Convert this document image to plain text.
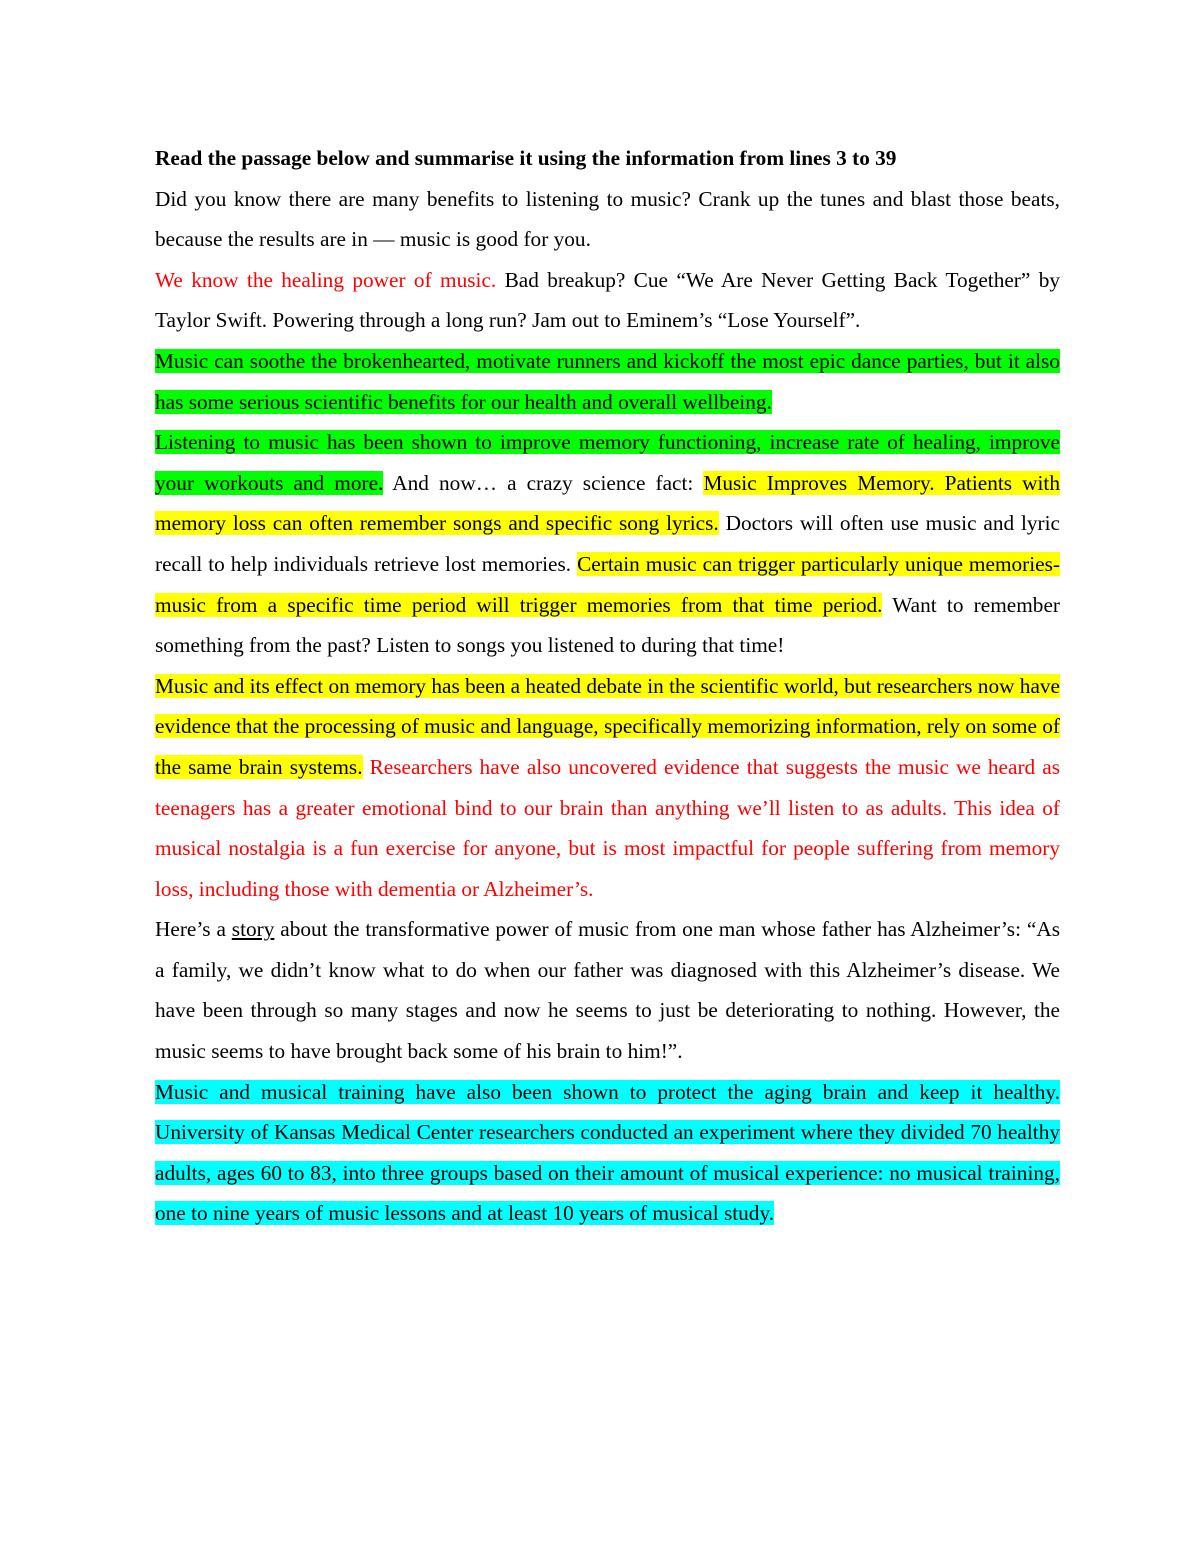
Read the passage below and summarise it using the information from lines 3 to 39

Did you know there are many benefits to listening to music? Crank up the tunes and blast those beats, because the results are in — music is good for you.

We know the healing power of music. Bad breakup? Cue “We Are Never Getting Back Together” by Taylor Swift. Powering through a long run? Jam out to Eminem’s “Lose Yourself”.

Music can soothe the brokenhearted, motivate runners and kickoff the most epic dance parties, but it also has some serious scientific benefits for our health and overall wellbeing.

Listening to music has been shown to improve memory functioning, increase rate of healing, improve your workouts and more. And now… a crazy science fact: Music Improves Memory. Patients with memory loss can often remember songs and specific song lyrics. Doctors will often use music and lyric recall to help individuals retrieve lost memories. Certain music can trigger particularly unique memories- music from a specific time period will trigger memories from that time period. Want to remember something from the past? Listen to songs you listened to during that time!

Music and its effect on memory has been a heated debate in the scientific world, but researchers now have evidence that the processing of music and language, specifically memorizing information, rely on some of the same brain systems. Researchers have also uncovered evidence that suggests the music we heard as teenagers has a greater emotional bind to our brain than anything we’ll listen to as adults. This idea of musical nostalgia is a fun exercise for anyone, but is most impactful for people suffering from memory loss, including those with dementia or Alzheimer’s.

Here’s a story about the transformative power of music from one man whose father has Alzheimer’s: “As a family, we didn’t know what to do when our father was diagnosed with this Alzheimer’s disease. We have been through so many stages and now he seems to just be deteriorating to nothing. However, the music seems to have brought back some of his brain to him!”.

Music and musical training have also been shown to protect the aging brain and keep it healthy. University of Kansas Medical Center researchers conducted an experiment where they divided 70 healthy adults, ages 60 to 83, into three groups based on their amount of musical experience: no musical training, one to nine years of music lessons and at least 10 years of musical study.
